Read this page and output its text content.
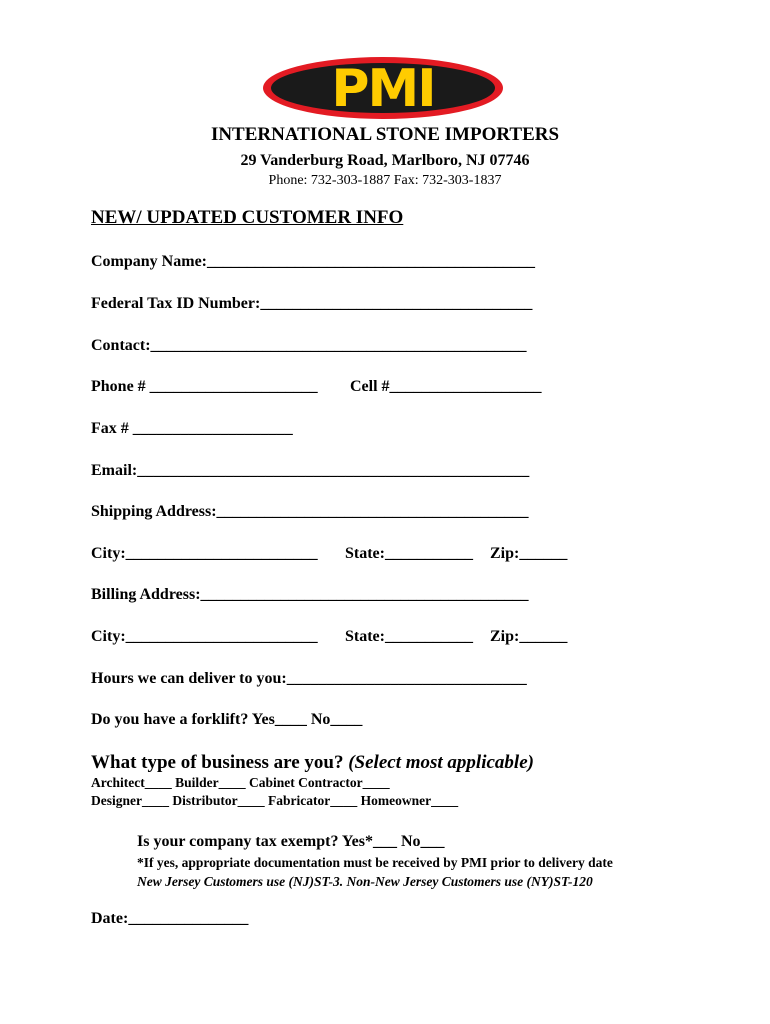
PMI
INTERNATIONAL STONE IMPORTERS
29 Vanderburg Road, Marlboro, NJ 07746
Phone: 732-303-1887 Fax: 732-303-1837
NEW/ UPDATED CUSTOMER INFO
Company Name:_________________________________________
Federal Tax ID Number:__________________________________
Contact:_______________________________________________
Phone # _____________________ Cell #___________________
Fax # ____________________
Email:_________________________________________________
Shipping Address:_______________________________________
City:________________________ State:___________ Zip:______
Billing Address:_________________________________________
City:________________________ State:___________ Zip:______
Hours we can deliver to you:______________________________
Do you have a forklift? Yes____ No____
What type of business are you? (Select most applicable)
Architect____ Builder____ Cabinet Contractor____
Designer____ Distributor____ Fabricator____ Homeowner____
Is your company tax exempt? Yes*___ No___
*If yes, appropriate documentation must be received by PMI prior to delivery date
New Jersey Customers use (NJ)ST-3. Non-New Jersey Customers use (NY)ST-120
Date:_______________
